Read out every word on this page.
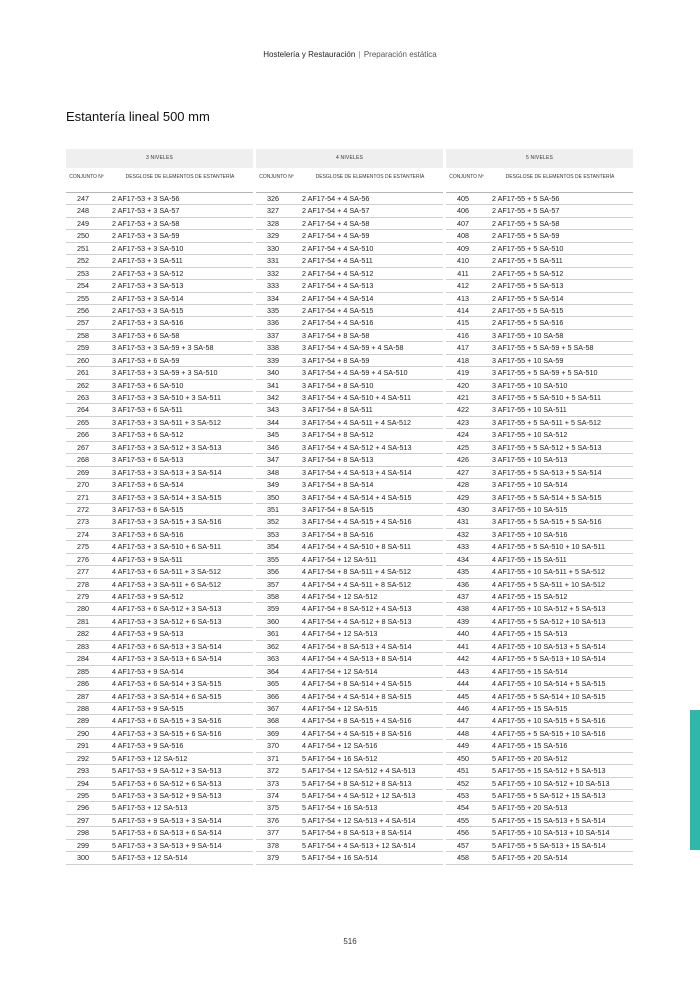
Hostelería y Restauración | Preparación estática
Estantería lineal 500 mm
3 NIVELES
CONJUNTO Nº	DESGLOSE DE ELEMENTOS DE ESTANTERÍA
247	2 AF17-53 + 3 SA-56
248	2 AF17-53 + 3 SA-57
249	2 AF17-53 + 3 SA-58
250	2 AF17-53 + 3 SA-59
251	2 AF17-53 + 3 SA-510
252	2 AF17-53 + 3 SA-511
253	2 AF17-53 + 3 SA-512
254	2 AF17-53 + 3 SA-513
255	2 AF17-53 + 3 SA-514
256	2 AF17-53 + 3 SA-515
257	2 AF17-53 + 3 SA-516
258	3 AF17-53 + 6 SA-58
259	3 AF17-53 + 3 SA-59 + 3 SA-58
260	3 AF17-53 + 6 SA-59
261	3 AF17-53 + 3 SA-59 + 3 SA-510
262	3 AF17-53 + 6 SA-510
263	3 AF17-53 + 3 SA-510 + 3 SA-511
264	3 AF17-53 + 6 SA-511
265	3 AF17-53 + 3 SA-511 + 3 SA-512
266	3 AF17-53 + 6 SA-512
267	3 AF17-53 + 3 SA-512 + 3 SA-513
268	3 AF17-53 + 6 SA-513
269	3 AF17-53 + 3 SA-513 + 3 SA-514
270	3 AF17-53 + 6 SA-514
271	3 AF17-53 + 3 SA-514 + 3 SA-515
272	3 AF17-53 + 6 SA-515
273	3 AF17-53 + 3 SA-515 + 3 SA-516
274	3 AF17-53 + 6 SA-516
275	4 AF17-53 + 3 SA-510 + 6 SA-511
276	4 AF17-53 + 9 SA-511
277	4 AF17-53 + 6 SA-511 + 3 SA-512
278	4 AF17-53 + 3 SA-511 + 6 SA-512
279	4 AF17-53 + 9 SA-512
280	4 AF17-53 + 6 SA-512 + 3 SA-513
281	4 AF17-53 + 3 SA-512 + 6 SA-513
282	4 AF17-53 + 9 SA-513
283	4 AF17-53 + 6 SA-513 + 3 SA-514
284	4 AF17-53 + 3 SA-513 + 6 SA-514
285	4 AF17-53 + 9 SA-514
286	4 AF17-53 + 6 SA-514 + 3 SA-515
287	4 AF17-53 + 3 SA-514 + 6 SA-515
288	4 AF17-53 + 9 SA-515
289	4 AF17-53 + 6 SA-515 + 3 SA-516
290	4 AF17-53 + 3 SA-515 + 6 SA-516
291	4 AF17-53 + 9 SA-516
292	5 AF17-53 + 12 SA-512
293	5 AF17-53 + 9 SA-512 + 3 SA-513
294	5 AF17-53 + 6 SA-512 + 6 SA-513
295	5 AF17-53 + 3 SA-512 + 9 SA-513
296	5 AF17-53 + 12 SA-513
297	5 AF17-53 + 9 SA-513 + 3 SA-514
298	5 AF17-53 + 6 SA-513 + 6 SA-514
299	5 AF17-53 + 3 SA-513 + 9 SA-514
300	5 AF17-53 + 12 SA-514
4 NIVELES
CONJUNTO Nº	DESGLOSE DE ELEMENTOS DE ESTANTERÍA
326	2 AF17-54 + 4 SA-56
327	2 AF17-54 + 4 SA-57
328	2 AF17-54 + 4 SA-58
329	2 AF17-54 + 4 SA-59
330	2 AF17-54 + 4 SA-510
331	2 AF17-54 + 4 SA-511
332	2 AF17-54 + 4 SA-512
333	2 AF17-54 + 4 SA-513
334	2 AF17-54 + 4 SA-514
335	2 AF17-54 + 4 SA-515
336	2 AF17-54 + 4 SA-516
337	3 AF17-54 + 8 SA-58
338	3 AF17-54 + 4 SA-59 + 4 SA-58
339	3 AF17-54 + 8 SA-59
340	3 AF17-54 + 4 SA-59 + 4 SA-510
341	3 AF17-54 + 8 SA-510
342	3 AF17-54 + 4 SA-510 + 4 SA-511
343	3 AF17-54 + 8 SA-511
344	3 AF17-54 + 4 SA-511 + 4 SA-512
345	3 AF17-54 + 8 SA-512
346	3 AF17-54 + 4 SA-512 + 4 SA-513
347	3 AF17-54 + 8 SA-513
348	3 AF17-54 + 4 SA-513 + 4 SA-514
349	3 AF17-54 + 8 SA-514
350	3 AF17-54 + 4 SA-514 + 4 SA-515
351	3 AF17-54 + 8 SA-515
352	3 AF17-54 + 4 SA-515 + 4 SA-516
353	3 AF17-54 + 8 SA-516
354	4 AF17-54 + 4 SA-510 + 8 SA-511
355	4 AF17-54 + 12 SA-511
356	4 AF17-54 + 8 SA-511 + 4 SA-512
357	4 AF17-54 + 4 SA-511 + 8 SA-512
358	4 AF17-54 + 12 SA-512
359	4 AF17-54 + 8 SA-512 + 4 SA-513
360	4 AF17-54 + 4 SA-512 + 8 SA-513
361	4 AF17-54 + 12 SA-513
362	4 AF17-54 + 8 SA-513 + 4 SA-514
363	4 AF17-54 + 4 SA-513 + 8 SA-514
364	4 AF17-54 + 12 SA-514
365	4 AF17-54 + 8 SA-514 + 4 SA-515
366	4 AF17-54 + 4 SA-514 + 8 SA-515
367	4 AF17-54 + 12 SA-515
368	4 AF17-54 + 8 SA-515 + 4 SA-516
369	4 AF17-54 + 4 SA-515 + 8 SA-516
370	4 AF17-54 + 12 SA-516
371	5 AF17-54 + 16 SA-512
372	5 AF17-54 + 12 SA-512 + 4 SA-513
373	5 AF17-54 + 8 SA-512 + 8 SA-513
374	5 AF17-54 + 4 SA-512 + 12 SA-513
375	5 AF17-54 + 16 SA-513
376	5 AF17-54 + 12 SA-513 + 4 SA-514
377	5 AF17-54 + 8 SA-513 + 8 SA-514
378	5 AF17-54 + 4 SA-513 + 12 SA-514
379	5 AF17-54 + 16 SA-514
5 NIVELES
CONJUNTO Nº	DESGLOSE DE ELEMENTOS DE ESTANTERÍA
405	2 AF17-55 + 5 SA-56
406	2 AF17-55 + 5 SA-57
407	2 AF17-55 + 5 SA-58
408	2 AF17-55 + 5 SA-59
409	2 AF17-55 + 5 SA-510
410	2 AF17-55 + 5 SA-511
411	2 AF17-55 + 5 SA-512
412	2 AF17-55 + 5 SA-513
413	2 AF17-55 + 5 SA-514
414	2 AF17-55 + 5 SA-515
415	2 AF17-55 + 5 SA-516
416	3 AF17-55 + 10 SA-58
417	3 AF17-55 + 5 SA-59 + 5 SA-58
418	3 AF17-55 + 10 SA-59
419	3 AF17-55 + 5 SA-59 + 5 SA-510
420	3 AF17-55 + 10 SA-510
421	3 AF17-55 + 5 SA-510 + 5 SA-511
422	3 AF17-55 + 10 SA-511
423	3 AF17-55 + 5 SA-511 + 5 SA-512
424	3 AF17-55 + 10 SA-512
425	3 AF17-55 + 5 SA-512 + 5 SA-513
426	3 AF17-55 + 10 SA-513
427	3 AF17-55 + 5 SA-513 + 5 SA-514
428	3 AF17-55 + 10 SA-514
429	3 AF17-55 + 5 SA-514 + 5 SA-515
430	3 AF17-55 + 10 SA-515
431	3 AF17-55 + 5 SA-515 + 5 SA-516
432	3 AF17-55 + 10 SA-516
433	4 AF17-55 + 5 SA-510 + 10 SA-511
434	4 AF17-55 + 15 SA-511
435	4 AF17-55 + 10 SA-511 + 5 SA-512
436	4 AF17-55 + 5 SA-511 + 10 SA-512
437	4 AF17-55 + 15 SA-512
438	4 AF17-55 + 10 SA-512 + 5 SA-513
439	4 AF17-55 + 5 SA-512 + 10 SA-513
440	4 AF17-55 + 15 SA-513
441	4 AF17-55 + 10 SA-513 + 5 SA-514
442	4 AF17-55 + 5 SA-513 + 10 SA-514
443	4 AF17-55 + 15 SA-514
444	4 AF17-55 + 10 SA-514 + 5 SA-515
445	4 AF17-55 + 5 SA-514 + 10 SA-515
446	4 AF17-55 + 15 SA-515
447	4 AF17-55 + 10 SA-515 + 5 SA-516
448	4 AF17-55 + 5 SA-515 + 10 SA-516
449	4 AF17-55 + 15 SA-516
450	5 AF17-55 + 20 SA-512
451	5 AF17-55 + 15 SA-512 + 5 SA-513
452	5 AF17-55 + 10 SA-512 + 10 SA-513
453	5 AF17-55 + 5 SA-512 + 15 SA-513
454	5 AF17-55 + 20 SA-513
455	5 AF17-55 + 15 SA-513 + 5 SA-514
456	5 AF17-55 + 10 SA-513 + 10 SA-514
457	5 AF17-55 + 5 SA-513 + 15 SA-514
458	5 AF17-55 + 20 SA-514
516
